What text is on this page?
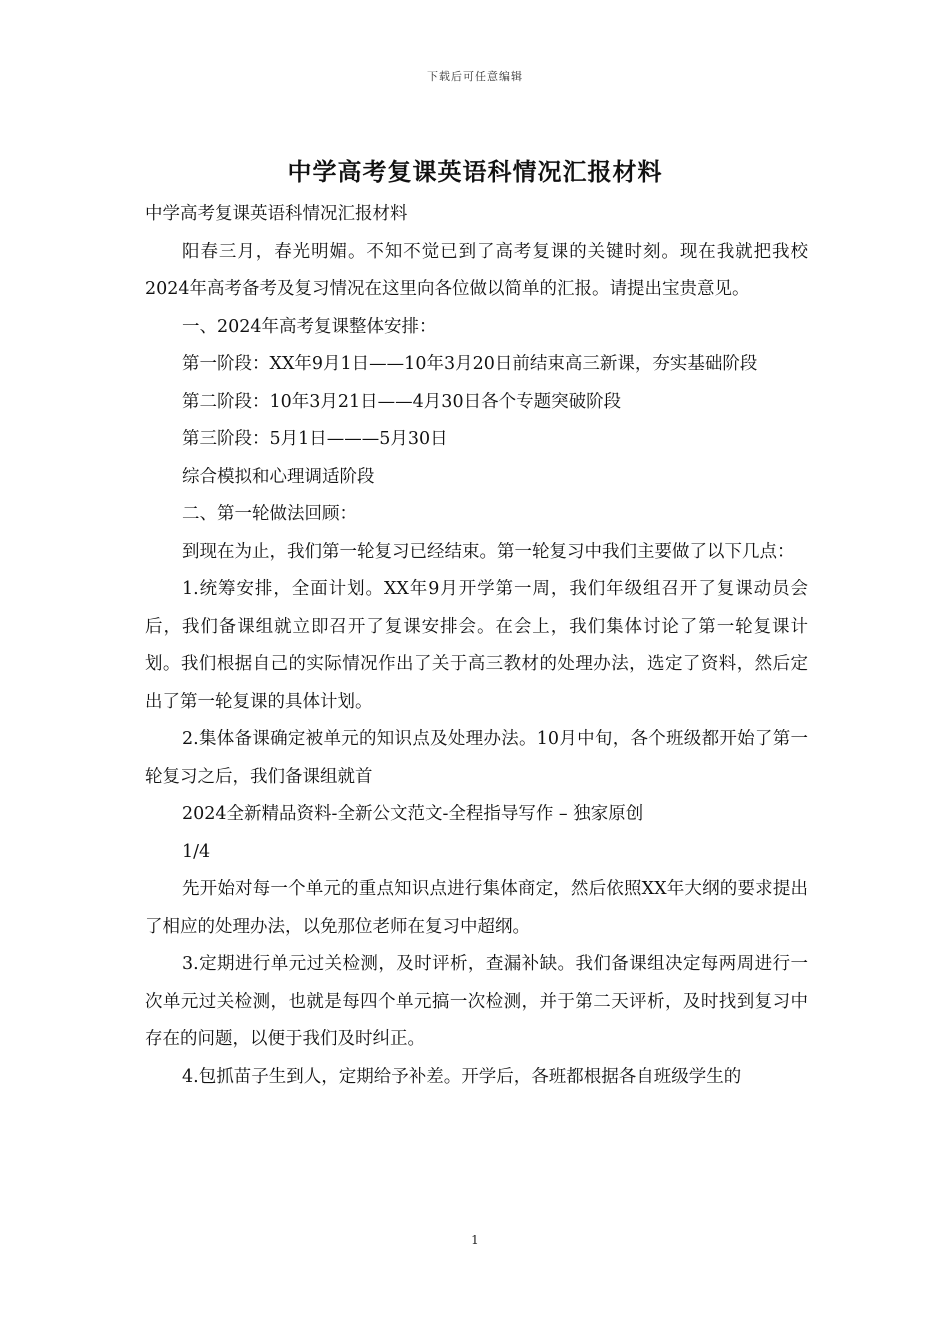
下载后可任意编辑
中学高考复课英语科情况汇报材料

中学高考复课英语科情况汇报材料

阳春三月，春光明媚。不知不觉已到了高考复课的关键时刻。现在我就把我校2024年高考备考及复习情况在这里向各位做以简单的汇报。请提出宝贵意见。

一、2024年高考复课整体安排：

第一阶段：XX年9月1日——10年3月20日前结束高三新课，夯实基础阶段

第二阶段：10年3月21日——4月30日各个专题突破阶段

第三阶段：5月1日———5月30日

综合模拟和心理调适阶段

二、第一轮做法回顾：

到现在为止，我们第一轮复习已经结束。第一轮复习中我们主要做了以下几点：

1.统筹安排，全面计划。XX年9月开学第一周，我们年级组召开了复课动员会后，我们备课组就立即召开了复课安排会。在会上，我们集体讨论了第一轮复课计划。我们根据自己的实际情况作出了关于高三教材的处理办法，选定了资料，然后定出了第一轮复课的具体计划。

2.集体备课确定被单元的知识点及处理办法。10月中旬，各个班级都开始了第一轮复习之后，我们备课组就首

2024全新精品资料-全新公文范文-全程指导写作 – 独家原创

1/4

先开始对每一个单元的重点知识点进行集体商定，然后依照XX年大纲的要求提出了相应的处理办法，以免那位老师在复习中超纲。

3.定期进行单元过关检测，及时评析，查漏补缺。我们备课组决定每两周进行一次单元过关检测，也就是每四个单元搞一次检测，并于第二天评析，及时找到复习中存在的问题，以便于我们及时纠正。

4.包抓苗子生到人，定期给予补差。开学后，各班都根据各自班级学生的

1
